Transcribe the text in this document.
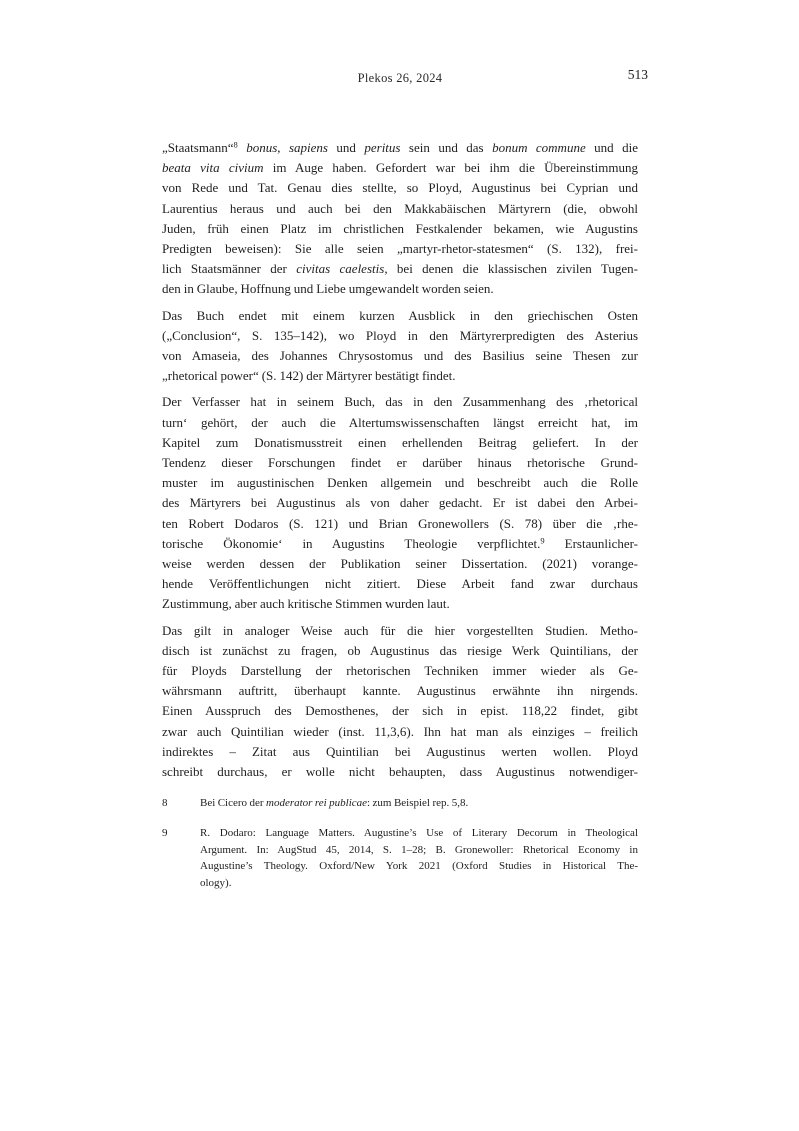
Plekos 26, 2024	513
„Staatsmann“$^8$ bonus, sapiens und peritus sein und das bonum commune und die
beata vita civium im Auge haben. Gefordert war bei ihm die Übereinstimmung
von Rede und Tat. Genau dies stellte, so Ployd, Augustinus bei Cyprian und
Laurentius heraus und auch bei den Makkabäischen Märtyrern (die, obwohl
Juden, früh einen Platz im christlichen Festkalender bekamen, wie Augustins
Predigten beweisen): Sie alle seien „martyr-rhetor-statesmen“ (S. 132), frei-
lich Staatsmänner der civitas caelestis, bei denen die klassischen zivilen Tugen-
den in Glaube, Hoffnung und Liebe umgewandelt worden seien.
Das Buch endet mit einem kurzen Ausblick in den griechischen Osten
(„Conclusion“, S. 135–142), wo Ployd in den Märtyrerpredigten des Asterius
von Amaseia, des Johannes Chrysostomus und des Basilius seine Thesen zur
„rhetorical power“ (S. 142) der Märtyrer bestätigt findet.
Der Verfasser hat in seinem Buch, das in den Zusammenhang des ‚rhetorical
turn‘ gehört, der auch die Altertumswissenschaften längst erreicht hat, im
Kapitel zum Donatismusstreit einen erhellenden Beitrag geliefert. In der
Tendenz dieser Forschungen findet er darüber hinaus rhetorische Grund-
muster im augustinischen Denken allgemein und beschreibt auch die Rolle
des Märtyrers bei Augustinus als von daher gedacht. Er ist dabei den Arbei-
ten Robert Dodaros (S. 121) und Brian Gronewollers (S. 78) über die ‚rhe-
torische Ökonomie‘ in Augustins Theologie verpflichtet.$^9$ Erstaunlicher-
weise werden dessen der Publikation seiner Dissertation. (2021) vorange-
hende Veröffentlichungen nicht zitiert. Diese Arbeit fand zwar durchaus
Zustimmung, aber auch kritische Stimmen wurden laut.
Das gilt in analoger Weise auch für die hier vorgestellten Studien. Metho-
disch ist zunächst zu fragen, ob Augustinus das riesige Werk Quintilians, der
für Ployds Darstellung der rhetorischen Techniken immer wieder als Ge-
währsmann auftritt, überhaupt kannte. Augustinus erwähnte ihn nirgends.
Einen Ausspruch des Demosthenes, der sich in epist. 118,22 findet, gibt
zwar auch Quintilian wieder (inst. 11,3,6). Ihn hat man als einziges – freilich
indirektes – Zitat aus Quintilian bei Augustinus werten wollen. Ployd
schreibt durchaus, er wolle nicht behaupten, dass Augustinus notwendiger-
8	Bei Cicero der moderator rei publicae: zum Beispiel rep. 5,8.
9	R. Dodaro: Language Matters. Augustine’s Use of Literary Decorum in Theological
Argument. In: AugStud 45, 2014, S. 1–28; B. Gronewoller: Rhetorical Economy in
Augustine’s Theology. Oxford/New York 2021 (Oxford Studies in Historical The-
ology).
